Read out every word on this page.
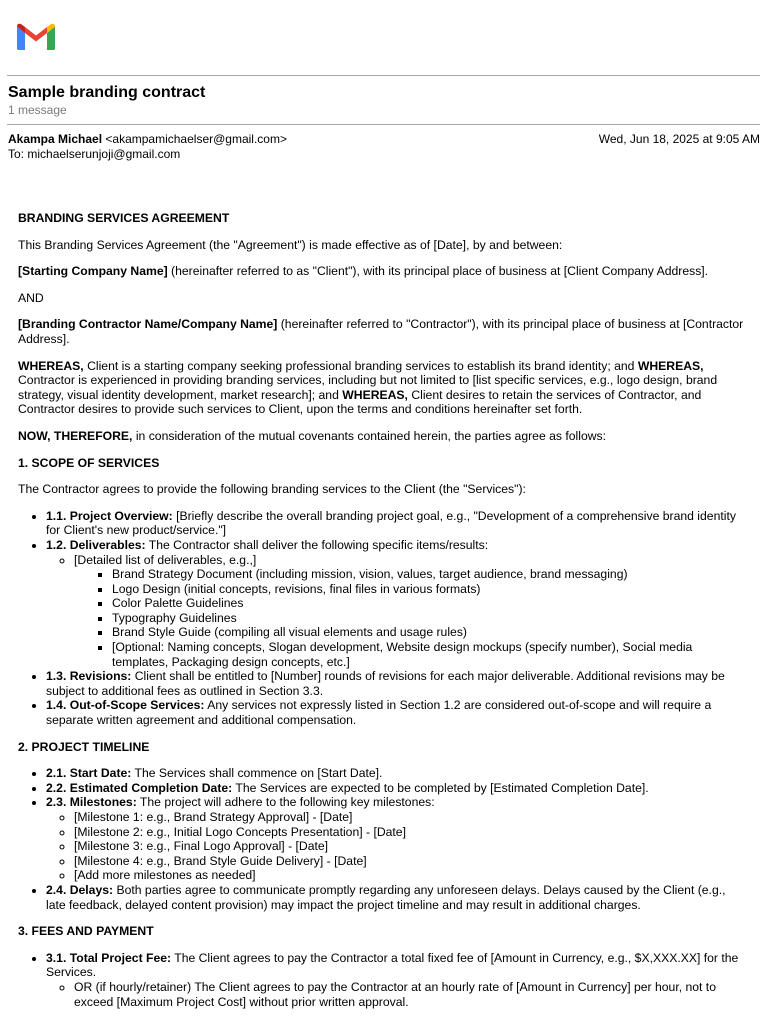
Sample branding contract
1 message
Akampa Michael <akampamichaelser@gmail.com>	Wed, Jun 18, 2025 at 9:05 AM
To: michaelserunjoji@gmail.com

BRANDING SERVICES AGREEMENT

This Branding Services Agreement (the "Agreement") is made effective as of [Date], by and between:

[Starting Company Name] (hereinafter referred to as "Client"), with its principal place of business at [Client Company Address].

AND

[Branding Contractor Name/Company Name] (hereinafter referred to "Contractor"), with its principal place of business at [Contractor Address].

WHEREAS, Client is a starting company seeking professional branding services to establish its brand identity; and WHEREAS, Contractor is experienced in providing branding services, including but not limited to [list specific services, e.g., logo design, brand strategy, visual identity development, market research]; and WHEREAS, Client desires to retain the services of Contractor, and Contractor desires to provide such services to Client, upon the terms and conditions hereinafter set forth.

NOW, THEREFORE, in consideration of the mutual covenants contained herein, the parties agree as follows:

1. SCOPE OF SERVICES

The Contractor agrees to provide the following branding services to the Client (the "Services"):

• 1.1. Project Overview: [Briefly describe the overall branding project goal, e.g., "Development of a comprehensive brand identity for Client's new product/service."]
• 1.2. Deliverables: The Contractor shall deliver the following specific items/results:
◦ [Detailed list of deliverables, e.g.,]
▪ Brand Strategy Document (including mission, vision, values, target audience, brand messaging)
▪ Logo Design (initial concepts, revisions, final files in various formats)
▪ Color Palette Guidelines
▪ Typography Guidelines
▪ Brand Style Guide (compiling all visual elements and usage rules)
▪ [Optional: Naming concepts, Slogan development, Website design mockups (specify number), Social media templates, Packaging design concepts, etc.]
• 1.3. Revisions: Client shall be entitled to [Number] rounds of revisions for each major deliverable. Additional revisions may be subject to additional fees as outlined in Section 3.3.
• 1.4. Out-of-Scope Services: Any services not expressly listed in Section 1.2 are considered out-of-scope and will require a separate written agreement and additional compensation.
2. PROJECT TIMELINE
• 2.1. Start Date: The Services shall commence on [Start Date].
• 2.2. Estimated Completion Date: The Services are expected to be completed by [Estimated Completion Date].
• 2.3. Milestones: The project will adhere to the following key milestones:
◦ [Milestone 1: e.g., Brand Strategy Approval] - [Date]
◦ [Milestone 2: e.g., Initial Logo Concepts Presentation] - [Date]
◦ [Milestone 3: e.g., Final Logo Approval] - [Date]
◦ [Milestone 4: e.g., Brand Style Guide Delivery] - [Date]
◦ [Add more milestones as needed]
• 2.4. Delays: Both parties agree to communicate promptly regarding any unforeseen delays. Delays caused by the Client (e.g., late feedback, delayed content provision) may impact the project timeline and may result in additional charges.
3. FEES AND PAYMENT
• 3.1. Total Project Fee: The Client agrees to pay the Contractor a total fixed fee of [Amount in Currency, e.g., $X,XXX.XX] for the Services.
◦ OR (if hourly/retainer) The Client agrees to pay the Contractor at an hourly rate of [Amount in Currency] per hour, not to exceed [Maximum Project Cost] without prior written approval.
